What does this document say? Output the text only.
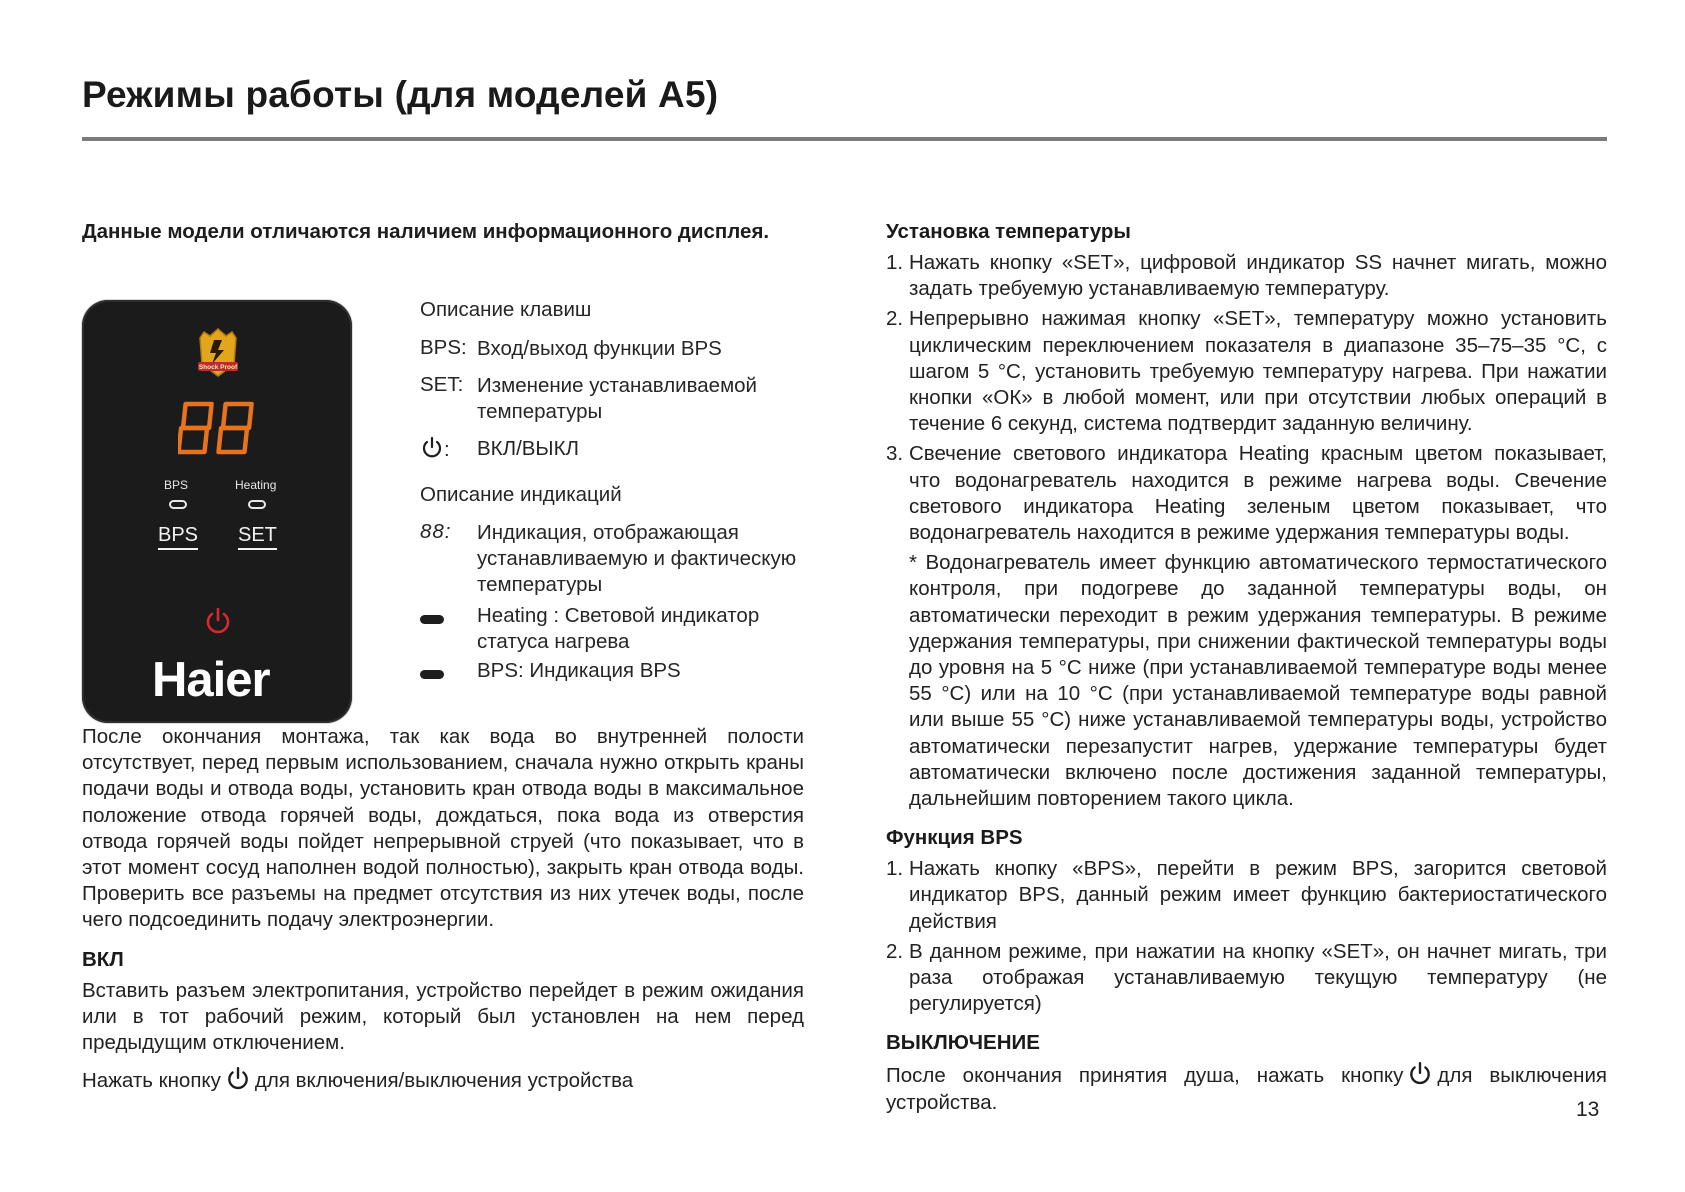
Режимы работы (для моделей А5)

Данные модели отличаются наличием информационного дисплея.

Shock Proof
BPS	Heating
BPS SET
Haier
Описание клавиш
BPS: Вход/выход функции BPS
SET: Изменение устанавливаемой температуры
: ВКЛ/ВЫКЛ
Описание индикаций
88: Индикация, отображающая устанавливаемую и фактическую температуры
Heating : Световой индикатор статуса нагрева
BPS: Индикация BPS

После окончания монтажа, так как вода во внутренней полости отсутствует, перед первым использованием, сначала нужно открыть краны подачи воды и отвода воды, установить кран отвода воды в максимальное положение отвода горячей воды, дождаться, пока вода из отверстия отвода горячей воды пойдет непрерывной струей (что показывает, что в этот момент сосуд наполнен водой полностью), закрыть кран отвода воды. Проверить все разъемы на предмет отсутствия из них утечек воды, после чего подсоединить подачу электроэнергии.

ВКЛ

Вставить разъем электропитания, устройство перейдет в режим ожидания или в тот рабочий режим, который был установлен на нем перед предыдущим отключением.

Нажать кнопку для включения/выключения устройства

Установка температуры
1. Нажать кнопку «SET», цифровой индикатор SS начнет мигать, можно задать требуемую устанавливаемую температуру.
2. Непрерывно нажимая кнопку «SET», температуру можно установить циклическим переключением показателя в диапазоне 35–75–35 °С, с шагом 5 °С, установить требуемую температуру нагрева. При нажатии кнопки «ОК» в любой момент, или при отсутствии любых операций в течение 6 секунд, система подтвердит заданную величину.
3. Свечение светового индикатора Heating красным цветом показывает, что водонагреватель находится в режиме нагрева воды. Свечение светового индикатора Heating зеленым цветом показывает, что водонагреватель находится в режиме удержания температуры воды.

* Водонагреватель имеет функцию автоматического термостатического контроля, при подогреве до заданной температуры воды, он автоматически переходит в режим удержания температуры. В режиме удержания температуры, при снижении фактической температуры воды до уровня на 5 °С ниже (при устанавливаемой температуре воды менее 55 °С) или на 10 °С (при устанавливаемой температуре воды равной или выше 55 °С) ниже устанавливаемой температуры воды, устройство автоматически перезапустит нагрев, удержание температуры будет автоматически включено после достижения заданной температуры, дальнейшим повторением такого цикла.

Функция BPS
1. Нажать кнопку «BPS», перейти в режим BPS, загорится световой индикатор BPS, данный режим имеет функцию бактериостатического действия
2. В данном режиме, при нажатии на кнопку «SET», он начнет мигать, три раза отображая устанавливаемую текущую температуру (не регулируется)
ВЫКЛЮЧЕНИЕ

После окончания принятия душа, нажать кнопку для выключения устройства.	13
